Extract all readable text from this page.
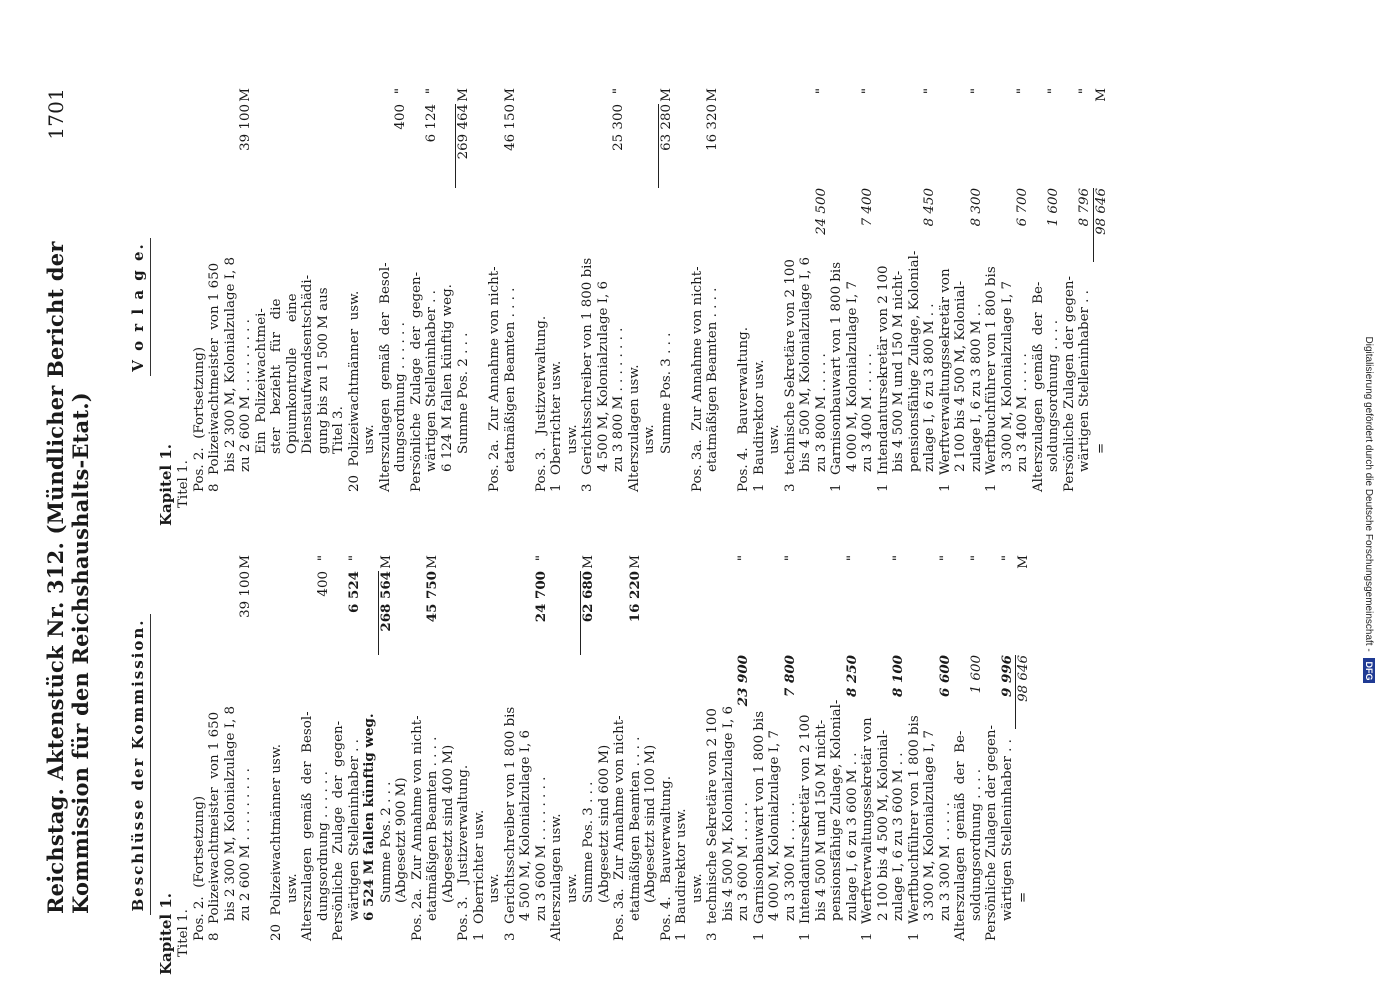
Digitalisierung gefördert durch die Deutsche Forschungsgemeinschaft - DFG
V o r l a g e.
Kapitel 1. Titel 1. Pos. 2.  (Fortsetzung) 8  Polizeiwachtmeister  von 1 650 bis 2 300 M, Kolonialzulage I, 8 zu 2 600 M . . . . . . . . .
39 100
M
Ein  Polizeiwachtmei- ster   bezieht   für   die Opiumkontrolle      eine Dienstaufwandsentschädi- gung bis zu 1 500 M aus Titel 3. 20  Polizeiwachtmänner  usw. usw. Alterszulagen  gemäß  der  Besol- dungsordnung . . . . . .
400
"
Persönliche  Zulage  der  gegen- wärtigen Stelleninhaber . .
6 124
"
6 124 M fallen künftig weg. Summe Pos. 2 . . .
269 464
M
Pos. 2a.  Zur Annahme von nicht- etatmäßigen Beamten . . . .
46 150
M
Pos. 3.   Justizverwaltung. 1  Oberrichter usw. usw. 3  Gerichtsschreiber von 1 800 bis 4 500 M, Kolonialzulage I, 6 zu 3 800 M . . . . . . . .
25 300
"
Alterszulagen usw. usw. Summe Pos. 3 . . .
63 280
M
Pos. 3a.  Zur Annahme von nicht- etatmäßigen Beamten . . . .
16 320
M
Pos. 4.   Bauverwaltung. 1  Baudirektor usw. usw. 3  technische Sekretäre von 2 100 bis 4 500 M, Kolonialzulage I, 6 zu 3 800 M . . . . .
24 500
"
1  Garnisonbauwart von 1 800 bis 4 000 M, Kolonialzulage I, 7 zu 3 400 M . . . . .
7 400
"
1  Intendantursekretär von 2 100 bis 4 500 M und 150 M nicht- pensionsfähige Zulage, Kolonial- zulage I, 6 zu 3 800 M . .
8 450
"
1  Werftverwaltungssekretär von 2 100 bis 4 500 M, Kolonial- zulage I, 6 zu 3 800 M . .
8 300
"
1  Werftbuchführer von 1 800 bis 3 300 M, Kolonialzulage I, 7 zu 3 400 M . . . . .
6 700
"
Alterszulagen  gemäß  der  Be- soldungsordnung . . . .
1 600
"
Persönliche Zulagen der gegen- wärtigen Stelleninhaber . .
8 796
"
=
98 646
M
Beschlüsse der Kommission.
Kapitel 1. Titel 1. Pos. 2.  (Fortsetzung) 8  Polizeiwachtmeister  von 1 650 bis 2 300 M, Kolonialzulage I, 8 zu 2 600 M . . . . . . . . .
39 100
M
20  Polizeiwachtmänner usw. usw. Alterszulagen  gemäß  der  Besol- dungsordnung . . . . . .
400
"
Persönliche  Zulage  der  gegen- wärtigen Stelleninhaber . .
6 524
"
6 524 M fallen künftig weg. Summe Pos. 2 . . .
268 564
M
(Abgesetzt 900 M) Pos. 2a.  Zur Annahme von nicht- etatmäßigen Beamten . . . .
45 750
M
(Abgesetzt sind 400 M) Pos. 3.   Justizverwaltung. 1  Oberrichter usw. usw. 3  Gerichtsschreiber von 1 800 bis 4 500 M, Kolonialzulage I, 6 zu 3 600 M . . . . . . . .
24 700
"
Alterszulagen usw. usw. Summe Pos. 3 . . .
62 680
M
(Abgesetzt sind 600 M) Pos. 3a.  Zur Annahme von nicht- etatmäßigen Beamten . . . .
16 220
M
(Abgesetzt sind 100 M) Pos. 4.   Bauverwaltung. 1  Baudirektor usw. usw. 3  technische Sekretäre von 2 100 bis 4 500 M, Kolonialzulage I, 6 zu 3 600 M . . . . .
23 900
"
1  Garnisonbauwart von 1 800 bis 4 000 M, Kolonialzulage I, 7 zu 3 300 M . . . . .
7 800
"
1  Intendantursekretär von 2 100 bis 4 500 M und 150 M nicht- pensionsfähige Zulage, Kolonial- zulage I, 6 zu 3 600 M . .
8 250
"
1  Werftverwaltungssekretär von 2 100 bis 4 500 M, Kolonial- zulage I, 6 zu 3 600 M . .
8 100
"
1  Werftbuchführer von 1 800 bis 3 300 M, Kolonialzulage I, 7 zu 3 300 M . . . . .
6 600
"
Alterszulagen  gemäß  der  Be- soldungsordnung . . . .
1 600
"
Persönliche Zulagen der gegen- wärtigen Stelleninhaber . .
9 996
"
=
98 646
M
Reichstag. Aktenstück Nr. 312. (Mündlicher Bericht der Kommission für den Reichshaushalts-Etat.)
1701
